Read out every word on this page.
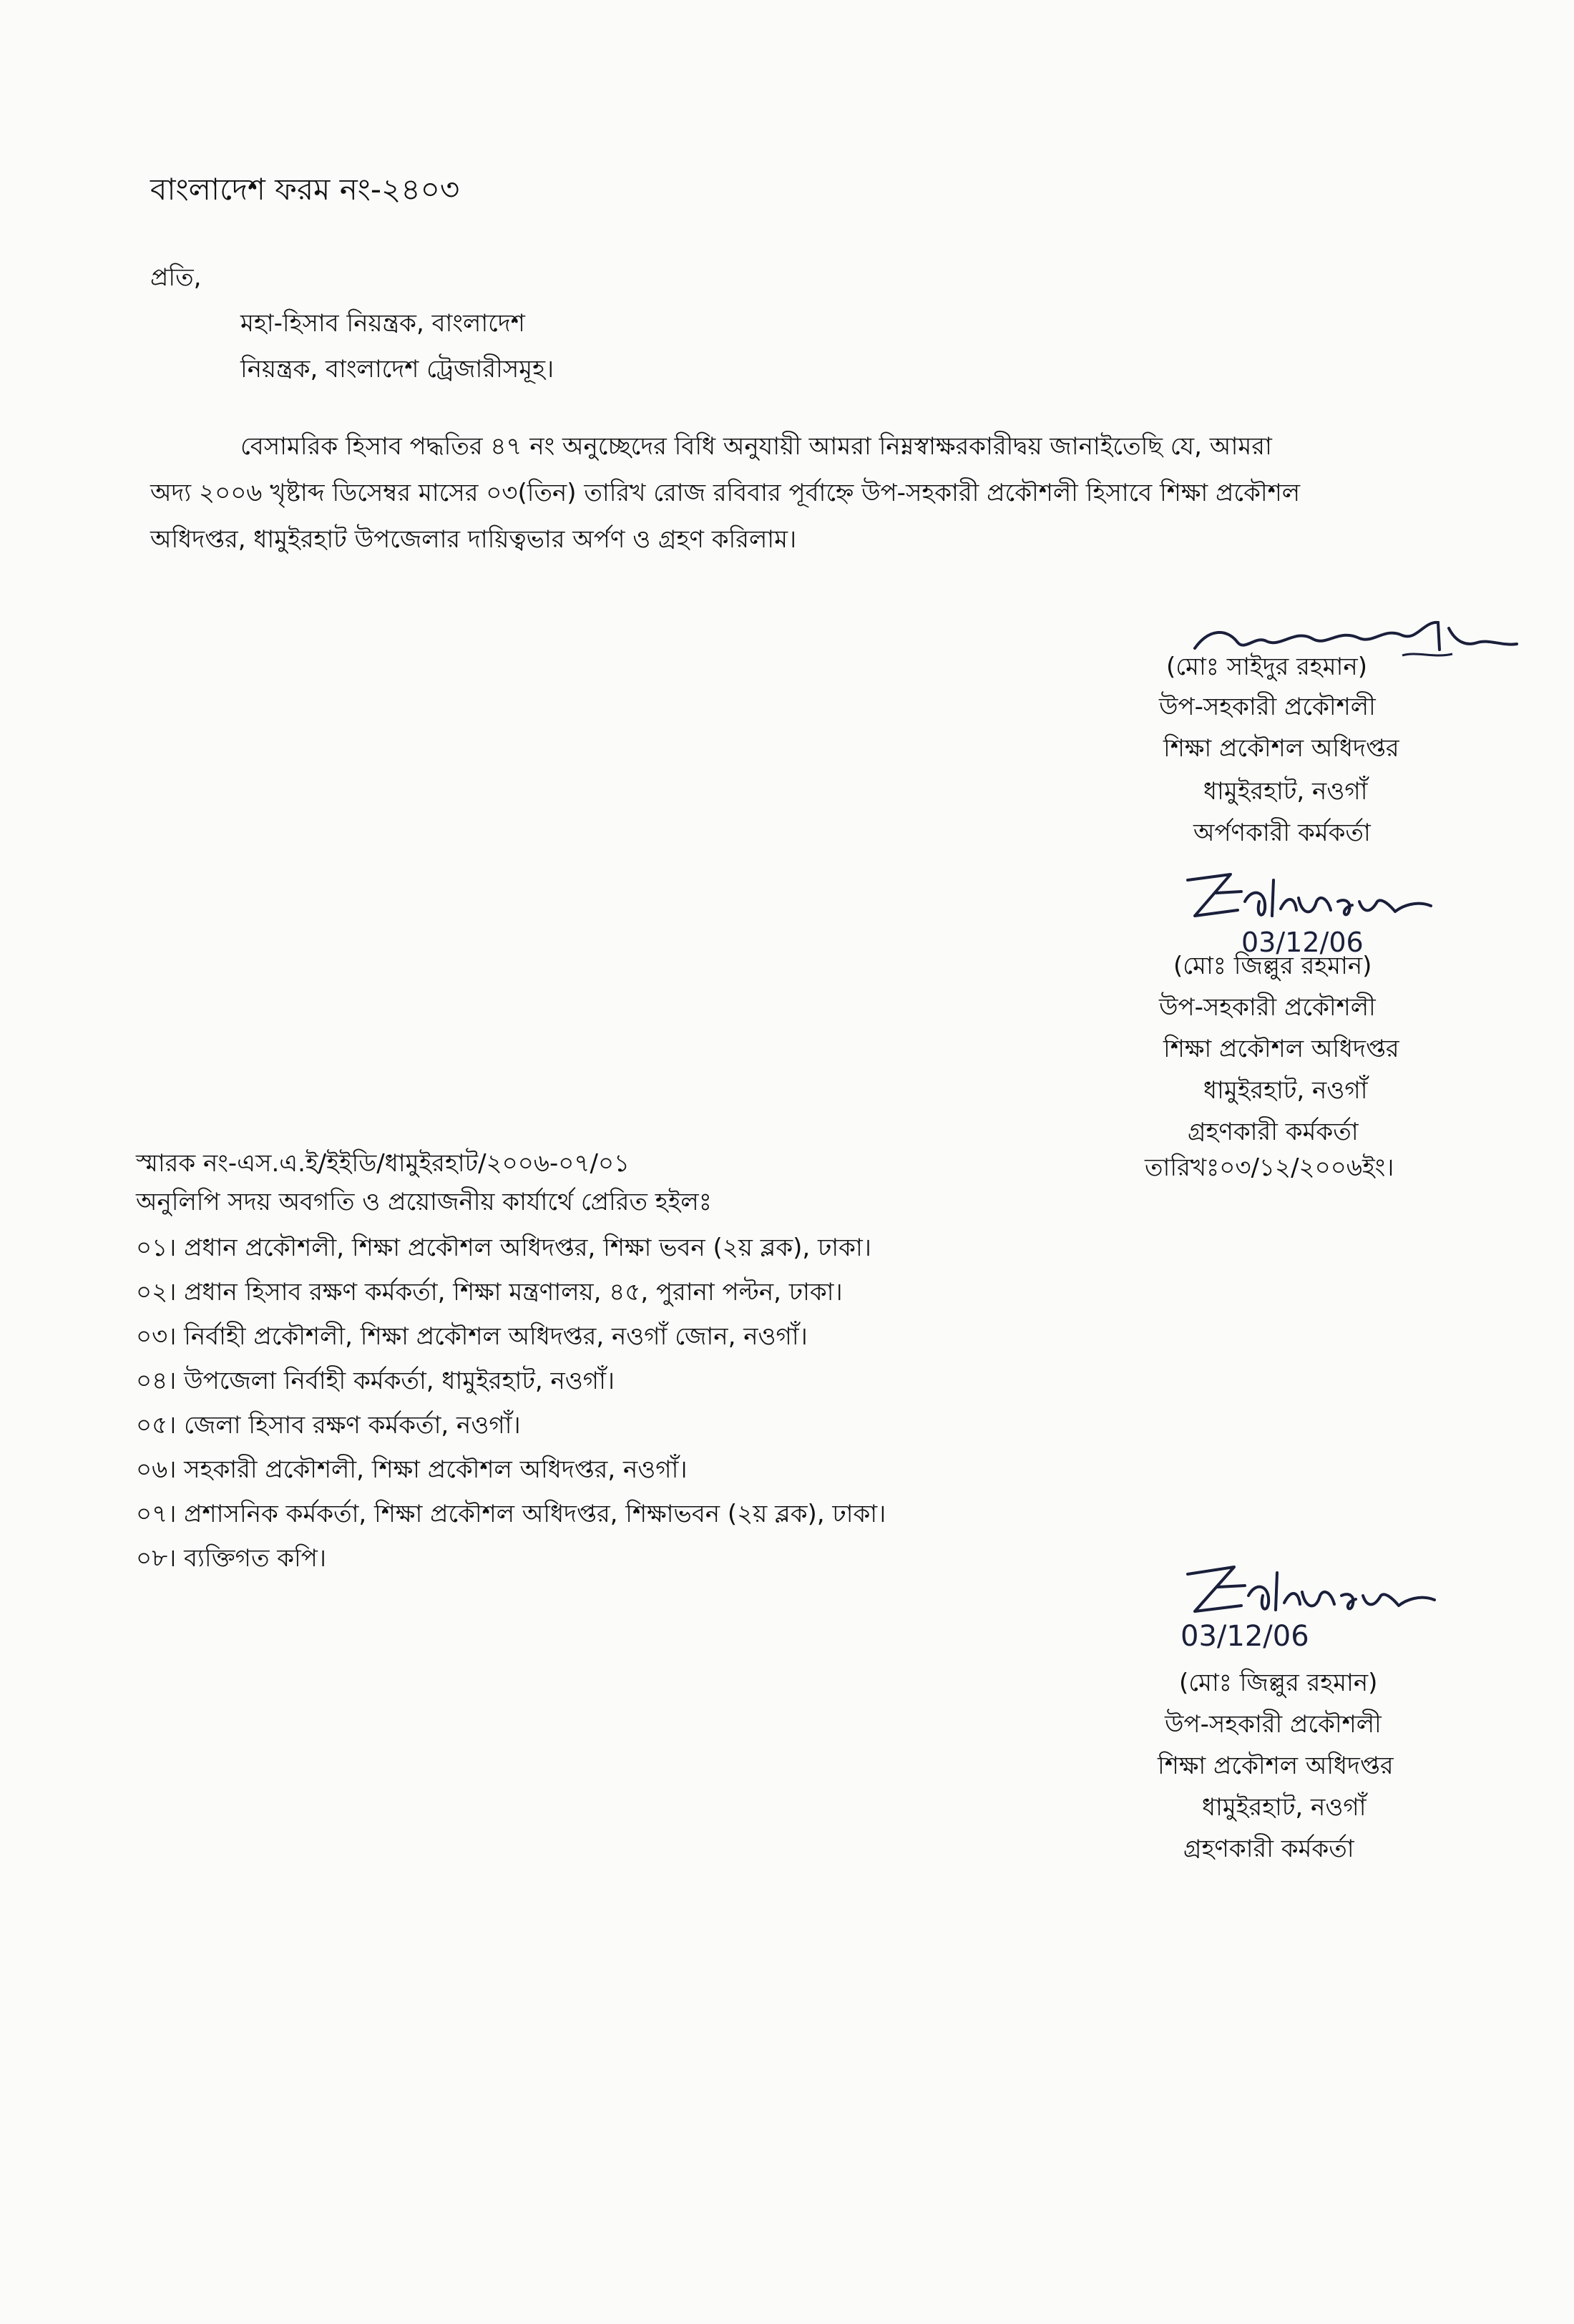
বাংলাদেশ ফরম নং-২৪০৩
প্রতি,
মহা-হিসাব নিয়ন্ত্রক, বাংলাদেশ
নিয়ন্ত্রক, বাংলাদেশ ট্রেজারীসমূহ।
বেসামরিক হিসাব পদ্ধতির ৪৭ নং অনুচ্ছেদের বিধি অনুযায়ী আমরা নিম্নস্বাক্ষরকারীদ্বয় জানাইতেছি যে, আমরা
অদ্য ২০০৬ খৃষ্টাব্দ ডিসেম্বর মাসের ০৩(তিন) তারিখ রোজ রবিবার পূর্বাহ্নে উপ-সহকারী প্রকৌশলী হিসাবে শিক্ষা প্রকৌশল
অধিদপ্তর, ধামুইরহাট উপজেলার দায়িত্বভার অর্পণ ও গ্রহণ করিলাম।
(মোঃ সাইদুর রহমান)
উপ-সহকারী প্রকৌশলী
শিক্ষা প্রকৌশল অধিদপ্তর
ধামুইরহাট, নওগাঁ
অর্পণকারী কর্মকর্তা
03/12/06
(মোঃ জিল্লুর রহমান)
উপ-সহকারী প্রকৌশলী
শিক্ষা প্রকৌশল অধিদপ্তর
ধামুইরহাট, নওগাঁ
গ্রহণকারী কর্মকর্তা
তারিখঃ০৩/১২/২০০৬ইং।
স্মারক নং-এস.এ.ই/ইইডি/ধামুইরহাট/২০০৬-০৭/০১
অনুলিপি সদয় অবগতি ও প্রয়োজনীয় কার্যার্থে প্রেরিত হইলঃ
০১। প্রধান প্রকৌশলী, শিক্ষা প্রকৌশল অধিদপ্তর, শিক্ষা ভবন (২য় ব্লক), ঢাকা।
০২। প্রধান হিসাব রক্ষণ কর্মকর্তা, শিক্ষা মন্ত্রণালয়, ৪৫, পুরানা পল্টন, ঢাকা।
০৩। নির্বাহী প্রকৌশলী, শিক্ষা প্রকৌশল অধিদপ্তর, নওগাঁ জোন, নওগাঁ।
০৪। উপজেলা নির্বাহী কর্মকর্তা, ধামুইরহাট, নওগাঁ।
০৫। জেলা হিসাব রক্ষণ কর্মকর্তা, নওগাঁ।
০৬। সহকারী প্রকৌশলী, শিক্ষা প্রকৌশল অধিদপ্তর, নওগাঁ।
০৭। প্রশাসনিক কর্মকর্তা, শিক্ষা প্রকৌশল অধিদপ্তর, শিক্ষাভবন (২য় ব্লক), ঢাকা।
০৮। ব্যক্তিগত কপি।
03/12/06
(মোঃ জিল্লুর রহমান)
উপ-সহকারী প্রকৌশলী
শিক্ষা প্রকৌশল অধিদপ্তর
ধামুইরহাট, নওগাঁ
গ্রহণকারী কর্মকর্তা
